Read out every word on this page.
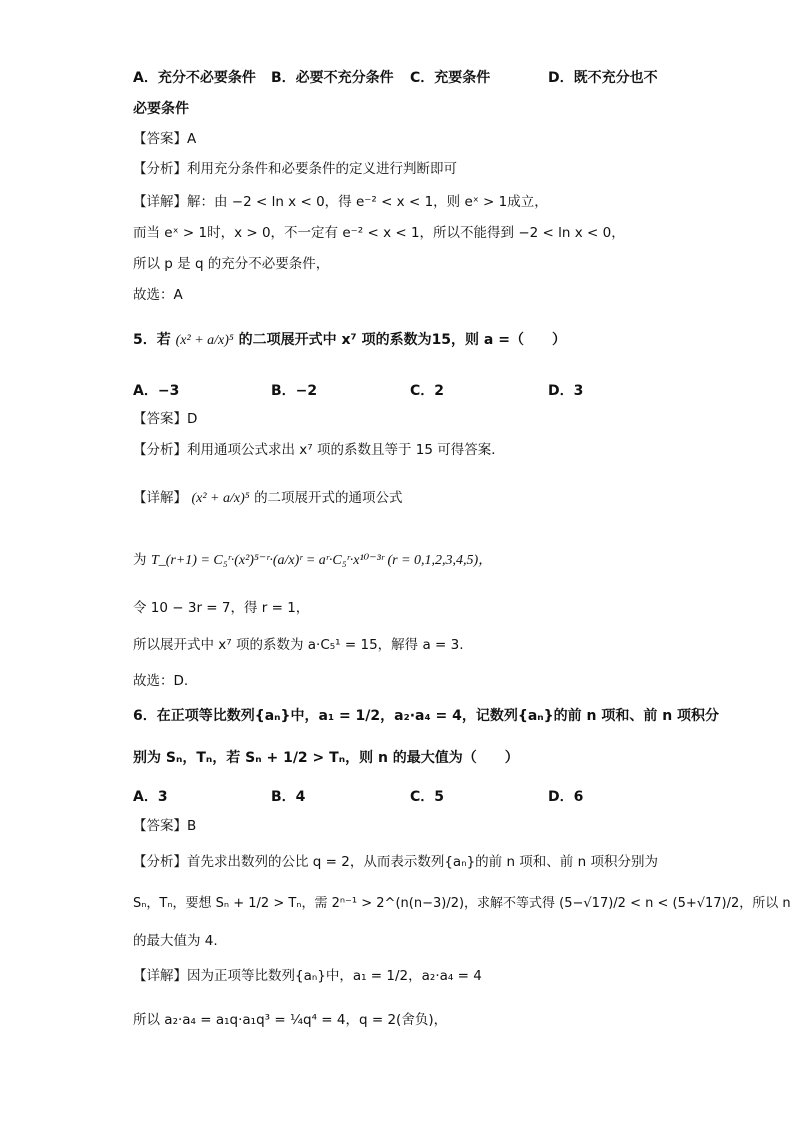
A．充分不必要条件 B．必要不充分条件 C．充要条件	D．既不充分也不
必要条件
【答案】A
【分析】利用充分条件和必要条件的定义进行判断即可
【详解】解：由 −2 < ln x < 0，得 e⁻² < x < 1，则 eˣ > 1成立，
而当 eˣ > 1时，x > 0，不一定有 e⁻² < x < 1，所以不能得到 −2 < ln x < 0，
所以 p 是 q 的充分不必要条件，
故选：A
5．若 (x² + a/x)⁵ 的二项展开式中 x⁷ 项的系数为15，则 a =（　　）
A．−3	B．−2	C．2	D．3
【答案】D
【分析】利用通项公式求出 x⁷ 项的系数且等于 15 可得答案．
【详解】 (x² + a/x)⁵ 的二项展开式的通项公式
为 T_(r+1) = C₅ʳ·(x²)⁵⁻ʳ·(a/x)ʳ = aʳ·C₅ʳ·x¹⁰⁻³ʳ (r = 0,1,2,3,4,5)，
令 10 − 3r = 7，得 r = 1，
所以展开式中 x⁷ 项的系数为 a·C₅¹ = 15，解得 a = 3.
故选：D.
6．在正项等比数列{aₙ}中，a₁ = 1/2，a₂·a₄ = 4，记数列{aₙ}的前 n 项和、前 n 项积分
别为 Sₙ，Tₙ，若 Sₙ + 1/2 > Tₙ，则 n 的最大值为（　　）
A．3	B．4	C．5	D．6
【答案】B
【分析】首先求出数列的公比 q = 2，从而表示数列{aₙ}的前 n 项和、前 n 项积分别为
Sₙ，Tₙ，要想 Sₙ + 1/2 > Tₙ，需 2ⁿ⁻¹ > 2^(n(n−3)/2)，求解不等式得 (5−√17)/2 < n < (5+√17)/2，所以 n
的最大值为 4.
【详解】因为正项等比数列{aₙ}中，a₁ = 1/2，a₂·a₄ = 4
所以 a₂·a₄ = a₁q·a₁q³ = ¼q⁴ = 4，q = 2(舍负)，
